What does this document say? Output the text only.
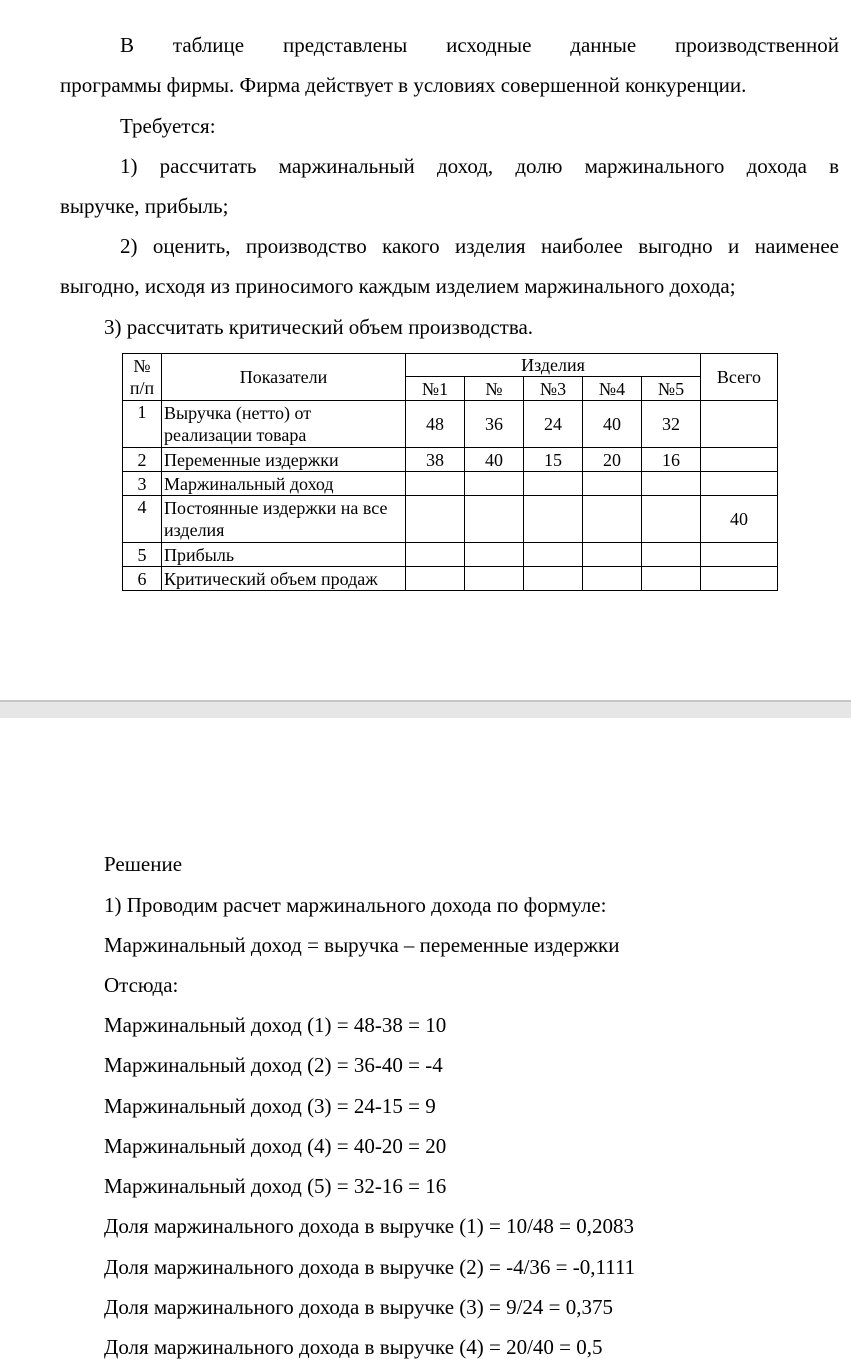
В таблице представлены исходные данные производственной
программы фирмы. Фирма действует в условиях совершенной конкуренции.
Требуется:
1) рассчитать маржинальный доход, долю маржинального дохода в
выручке, прибыль;
2) оценить, производство какого изделия наиболее выгодно и наименее
выгодно, исходя из приносимого каждым изделием маржинального дохода;
3) рассчитать критический объем производства.
№ п/п	Показатели	Изделия					Всего
		№1	№	№3	№4	№5	
1	Выручка (нетто) от реализации товара	48	36	24	40	32	
2	Переменные издержки	38	40	15	20	16	
3	Маржинальный доход						
4	Постоянные издержки на все изделия						40
5	Прибыль						
6	Критический объем продаж						
Решение
1) Проводим расчет маржинального дохода по формуле:
Маржинальный доход = выручка – переменные издержки
Отсюда:
Маржинальный доход (1) = 48-38 = 10
Маржинальный доход (2) = 36-40 = -4
Маржинальный доход (3) = 24-15 = 9
Маржинальный доход (4) = 40-20 = 20
Маржинальный доход (5) = 32-16 = 16
Доля маржинального дохода в выручке (1) = 10/48 = 0,2083
Доля маржинального дохода в выручке (2) = -4/36 = -0,1111
Доля маржинального дохода в выручке (3) = 9/24 = 0,375
Доля маржинального дохода в выручке (4) = 20/40 = 0,5
